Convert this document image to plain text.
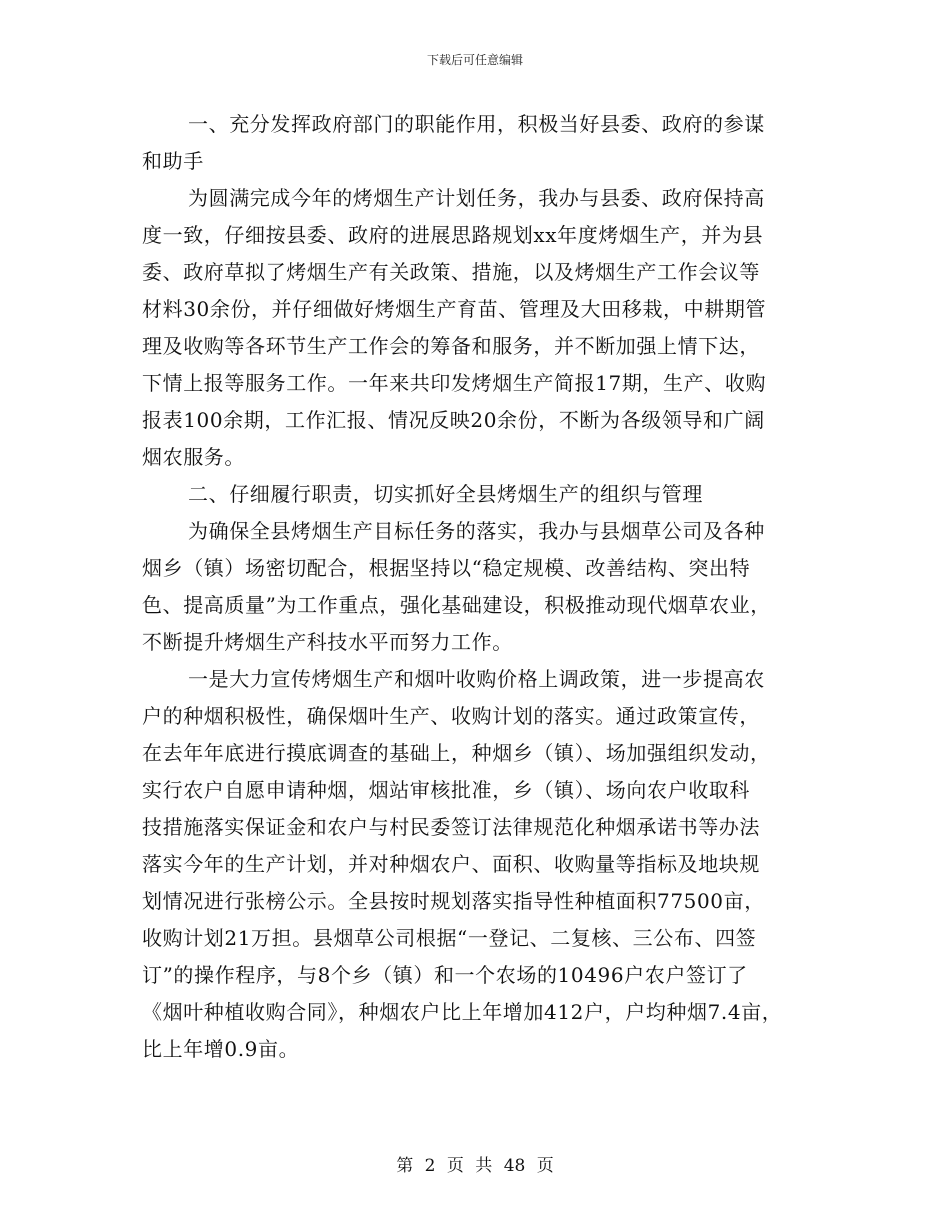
下载后可任意编辑
一、充分发挥政府部门的职能作用，积极当好县委、政府的参谋
和助手
为圆满完成今年的烤烟生产计划任务，我办与县委、政府保持高
度一致，仔细按县委、政府的进展思路规划xx年度烤烟生产，并为县
委、政府草拟了烤烟生产有关政策、措施，以及烤烟生产工作会议等
材料30余份，并仔细做好烤烟生产育苗、管理及大田移栽，中耕期管
理及收购等各环节生产工作会的筹备和服务，并不断加强上情下达，
下情上报等服务工作。一年来共印发烤烟生产简报17期，生产、收购
报表100余期，工作汇报、情况反映20余份，不断为各级领导和广阔
烟农服务。
二、仔细履行职责，切实抓好全县烤烟生产的组织与管理
为确保全县烤烟生产目标任务的落实，我办与县烟草公司及各种
烟乡（镇）场密切配合，根据坚持以“稳定规模、改善结构、突出特
色、提高质量”为工作重点，强化基础建设，积极推动现代烟草农业，
不断提升烤烟生产科技水平而努力工作。
一是大力宣传烤烟生产和烟叶收购价格上调政策，进一步提高农
户的种烟积极性，确保烟叶生产、收购计划的落实。通过政策宣传，
在去年年底进行摸底调查的基础上，种烟乡（镇）、场加强组织发动，
实行农户自愿申请种烟，烟站审核批准，乡（镇）、场向农户收取科
技措施落实保证金和农户与村民委签订法律规范化种烟承诺书等办法
落实今年的生产计划，并对种烟农户、面积、收购量等指标及地块规
划情况进行张榜公示。全县按时规划落实指导性种植面积77500亩，
收购计划21万担。县烟草公司根据“一登记、二复核、三公布、四签
订”的操作程序，与8个乡（镇）和一个农场的10496户农户签订了
《烟叶种植收购合同》，种烟农户比上年增加412户，户均种烟7.4亩，
比上年增0.9亩。
第 2 页 共 48 页
